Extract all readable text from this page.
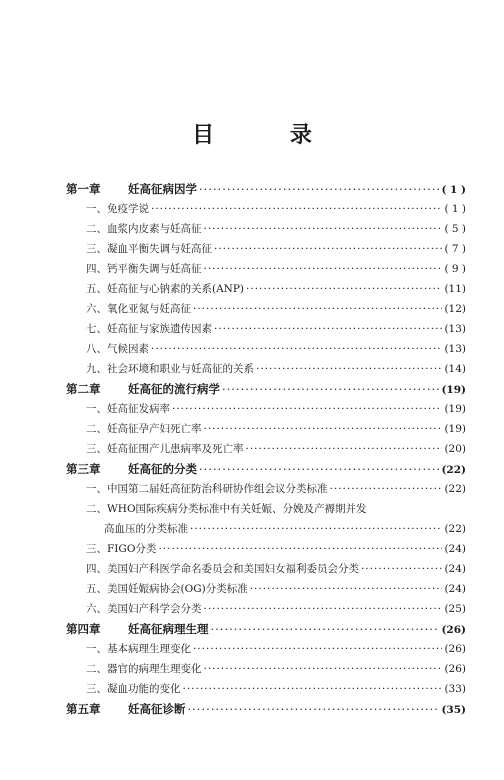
目 录
第一章 妊高征病因学 ·····	( 1 )
一、免疫学说 ·····	( 1 )
二、血浆内皮素与妊高征 ·····	( 5 )
三、凝血平衡失调与妊高征 ·····	( 7 )
四、钙平衡失调与妊高征 ·····	( 9 )
五、妊高征与心钠素的关系(ANP) ·····	(11)
六、氧化亚氮与妊高征 ·····	(12)
七、妊高征与家族遗传因素 ·····	(13)
八、气候因素 ·····	(13)
九、社会环境和职业与妊高征的关系 ·····	(14)
第二章 妊高征的流行病学 ·····	(19)
一、妊高征发病率 ·····	(19)
二、妊高征孕产妇死亡率 ·····	(19)
三、妊高征围产儿患病率及死亡率 ·····	(20)
第三章 妊高征的分类 ·····	(22)
一、中国第二届妊高征防治科研协作组会议分类标准 ·····	(22)
二、WHO国际疾病分类标准中有关妊娠、分娩及产褥期并发
高血压的分类标准 ·····	(22)
三、FIGO分类 ·····	(24)
四、美国妇产科医学命名委员会和美国妇女福利委员会分类 ·····	(24)
五、美国妊娠病协会(OG)分类标准 ·····	(24)
六、美国妇产科学会分类 ·····	(25)
第四章 妊高征病理生理 ·····	(26)
一、基本病理生理变化 ·····	(26)
二、器官的病理生理变化 ·····	(26)
三、凝血功能的变化 ·····	(33)
第五章 妊高征诊断 ·····	(35)
